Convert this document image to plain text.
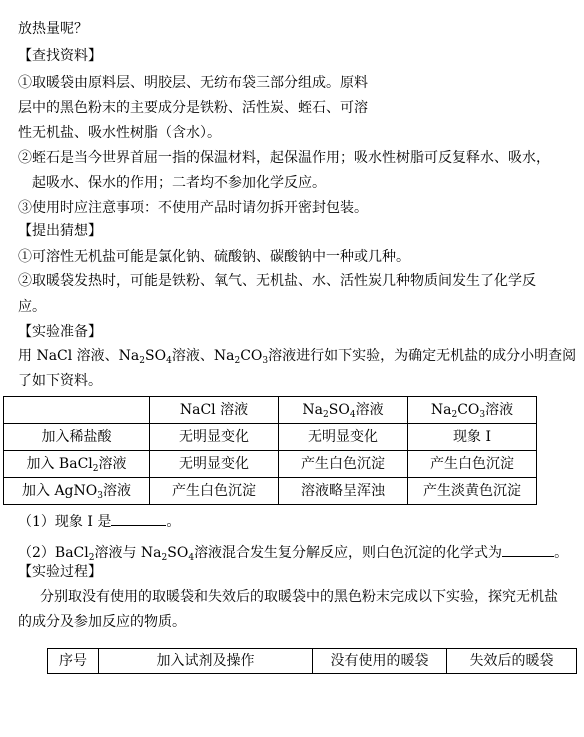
放热量呢？
【查找资料】
①取暖袋由原料层、明胶层、无纺布袋三部分组成。原料
层中的黑色粉末的主要成分是铁粉、活性炭、蛭石、可溶
性无机盐、吸水性树脂（含水）。
②蛭石是当今世界首屈一指的保温材料，起保温作用；吸水性树脂可反复释水、吸水，
起吸水、保水的作用；二者均不参加化学反应。
③使用时应注意事项：不使用产品时请勿拆开密封包装。
【提出猜想】
①可溶性无机盐可能是氯化钠、硫酸钠、碳酸钠中一种或几种。
②取暖袋发热时，可能是铁粉、氧气、无机盐、水、活性炭几种物质间发生了化学反
应。
【实验准备】
用 NaCl 溶液、$Na_2SO_4$溶液、$Na_2CO_3$溶液进行如下实验，为确定无机盐的成分小明查阅
了如下资料。
	NaCl 溶液	$Na_2SO_4$溶液	$Na_2CO_3$溶液
加入稀盐酸	无明显变化	无明显变化	现象 I
加入 BaCl$_2$溶液	无明显变化	产生白色沉淀	产生白色沉淀
加入 AgNO$_3$溶液	产生白色沉淀	溶液略呈浑浊	产生淡黄色沉淀
（1）现象 I 是	。
（2）BaCl$_2$溶液与 $Na_2SO_4$溶液混合发生复分解反应，则白色沉淀的化学式为	。
【实验过程】
分别取没有使用的取暖袋和失效后的取暖袋中的黑色粉末完成以下实验，探究无机盐
的成分及参加反应的物质。
序号	加入试剂及操作	没有使用的暖袋	失效后的暖袋
